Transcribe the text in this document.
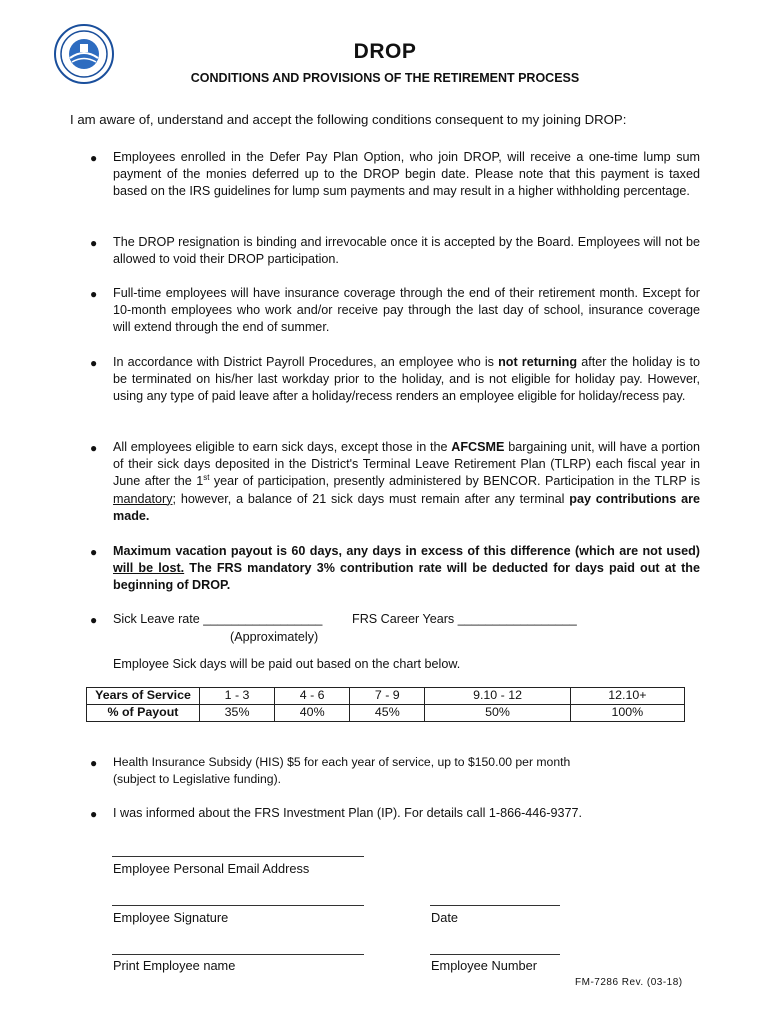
DROP
CONDITIONS AND PROVISIONS OF THE RETIREMENT PROCESS
I am aware of, understand and accept the following conditions consequent to my joining DROP:
● Employees enrolled in the Defer Pay Plan Option, who join DROP, will receive a one-time lump sum payment of the monies deferred up to the DROP begin date. Please note that this payment is taxed based on the IRS guidelines for lump sum payments and may result in a higher withholding percentage.
● The DROP resignation is binding and irrevocable once it is accepted by the Board. Employees will not be allowed to void their DROP participation.
● Full-time employees will have insurance coverage through the end of their retirement month. Except for 10-month employees who work and/or receive pay through the last day of school, insurance coverage will extend through the end of summer.
● In accordance with District Payroll Procedures, an employee who is not returning after the holiday is to be terminated on his/her last workday prior to the holiday, and is not eligible for holiday pay. However, using any type of paid leave after a holiday/recess renders an employee eligible for holiday/recess pay.
● All employees eligible to earn sick days, except those in the AFCSME bargaining unit, will have a portion of their sick days deposited in the District's Terminal Leave Retirement Plan (TLRP) each fiscal year in June after the 1st year of participation, presently administered by BENCOR. Participation in the TLRP is mandatory; however, a balance of 21 sick days must remain after any terminal pay contributions are made.
● Maximum vacation payout is 60 days, any days in excess of this difference (which are not used) will be lost. The FRS mandatory 3% contribution rate will be deducted for days paid out at the beginning of DROP.
● Sick Leave rate _________________ FRS Career Years _________________
(Approximately)
Employee Sick days will be paid out based on the chart below.
Years of Service	1 - 3	4 - 6	7 - 9	9.10 - 12	12.10+
% of Payout	35%	40%	45%	50%	100%
● Health Insurance Subsidy (HIS) $5 for each year of service, up to $150.00 per month (subject to Legislative funding).
● I was informed about the FRS Investment Plan (IP). For details call 1-866-446-9377.
Employee Personal Email Address
Employee Signature	Date
Print Employee name	Employee Number
FM-7286 Rev. (03-18)
